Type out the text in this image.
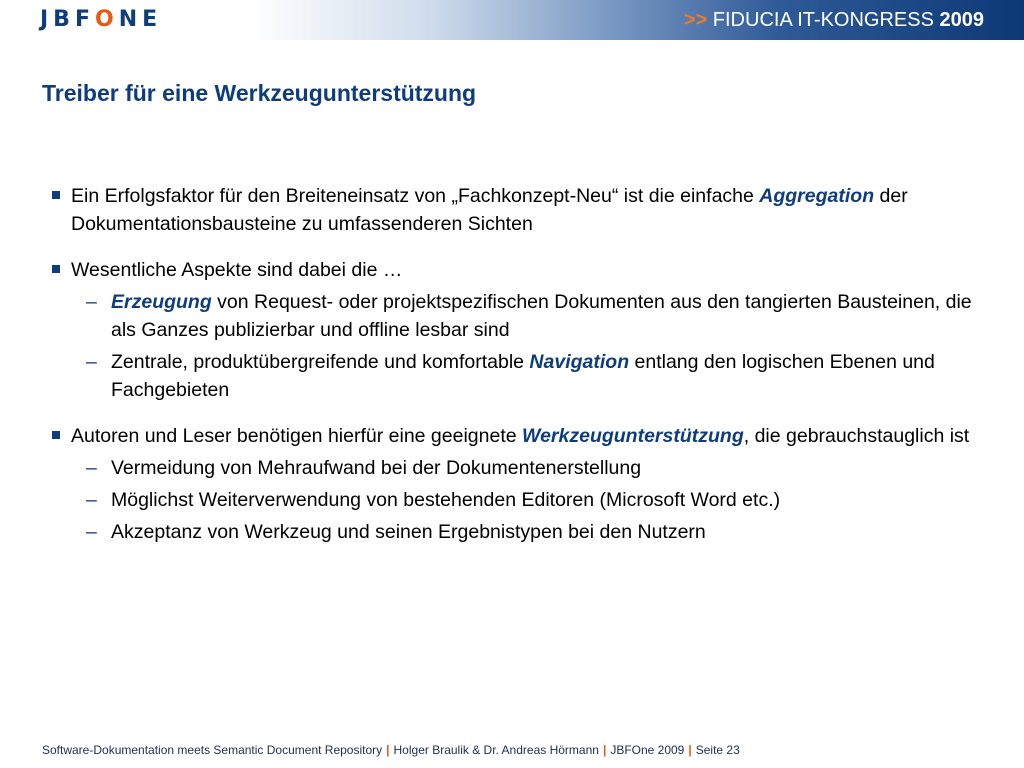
JBFONE	>> FIDUCIA IT-KONGRESS 2009
Treiber für eine Werkzeugunterstützung
Ein Erfolgsfaktor für den Breiteneinsatz von „Fachkonzept-Neu“ ist die einfache Aggregation der Dokumentationsbausteine zu umfassenderen Sichten
Wesentliche Aspekte sind dabei die …
– Erzeugung von Request- oder projektspezifischen Dokumenten aus den tangierten Bausteinen, die als Ganzes publizierbar und offline lesbar sind
– Zentrale, produktübergreifende und komfortable Navigation entlang den logischen Ebenen und Fachgebieten
Autoren und Leser benötigen hierfür eine geeignete Werkzeugunterstützung, die gebrauchstauglich ist
– Vermeidung von Mehraufwand bei der Dokumentenerstellung
– Möglichst Weiterverwendung von bestehenden Editoren (Microsoft Word etc.)
– Akzeptanz von Werkzeug und seinen Ergebnistypen bei den Nutzern
Software-Dokumentation meets Semantic Document Repository | Holger Braulik & Dr. Andreas Hörmann | JBFOne 2009 | Seite 23
